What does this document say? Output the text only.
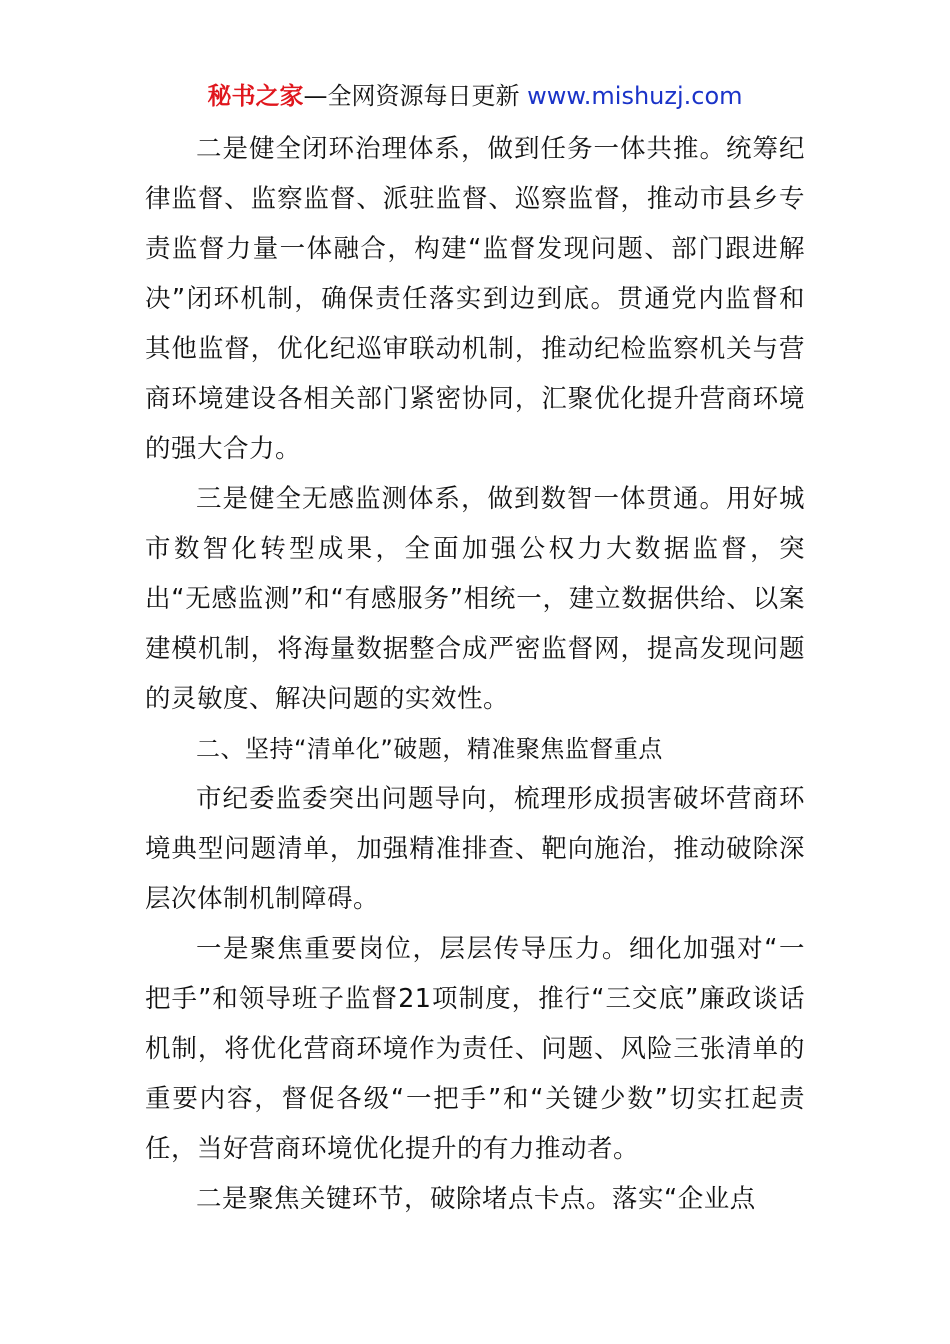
秘书之家—全网资源每日更新 www.mishuzj.com

二是健全闭环治理体系，做到任务一体共推。统筹纪律监督、监察监督、派驻监督、巡察监督，推动市县乡专责监督力量一体融合，构建“监督发现问题、部门跟进解决”闭环机制，确保责任落实到边到底。贯通党内监督和其他监督，优化纪巡审联动机制，推动纪检监察机关与营商环境建设各相关部门紧密协同，汇聚优化提升营商环境的强大合力。

三是健全无感监测体系，做到数智一体贯通。用好城市数智化转型成果，全面加强公权力大数据监督，突出“无感监测”和“有感服务”相统一，建立数据供给、以案建模机制，将海量数据整合成严密监督网，提高发现问题的灵敏度、解决问题的实效性。

二、坚持“清单化”破题，精准聚焦监督重点

市纪委监委突出问题导向，梳理形成损害破坏营商环境典型问题清单，加强精准排查、靶向施治，推动破除深层次体制机制障碍。

一是聚焦重要岗位，层层传导压力。细化加强对“一把手”和领导班子监督21项制度，推行“三交底”廉政谈话机制，将优化营商环境作为责任、问题、风险三张清单的重要内容，督促各级“一把手”和“关键少数”切实扛起责任，当好营商环境优化提升的有力推动者。

二是聚焦关键环节，破除堵点卡点。落实“企业点
